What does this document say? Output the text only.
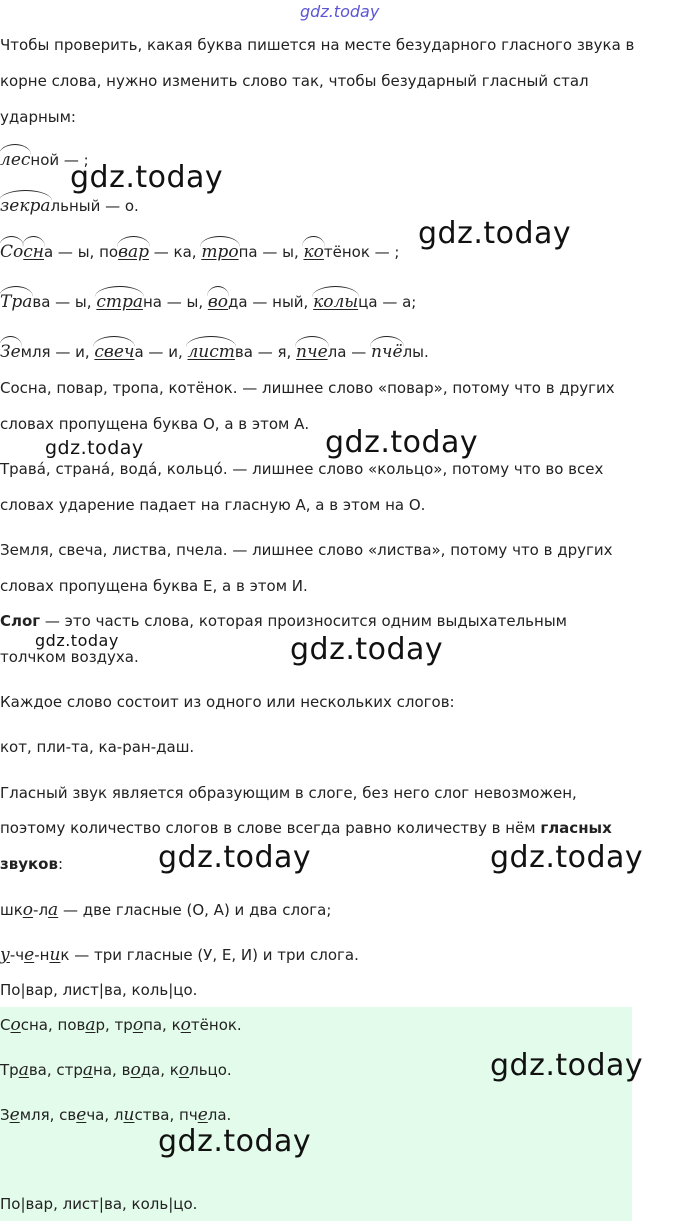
gdz.today
Чтобы проверить, какая буква пишется на месте безударного гласного звука в
корне слова, нужно изменить слово так, чтобы безударный гласный стал
ударным:
лесной — ;
зекральный — о.
Сосна — ы, повар — ка, тропа — ы, котёнок — ;
Трава — ы, страна — ы, вода — ный, колыца — а;
Земля — и, свеча — и, листва — я, пчела — пчёлы.
Сосна, повар, тропа, котёнок. — лишнее слово «повар», потому что в других
словах пропущена буква О, а в этом А.
Трава́, страна́, вода́, кольцо́. — лишнее слово «кольцо», потому что во всех
словах ударение падает на гласную А, а в этом на О.
Земля, свеча, листва, пчела. — лишнее слово «листва», потому что в других
словах пропущена буква Е, а в этом И.
Слог — это часть слова, которая произносится одним выдыхательным
толчком воздуха.
Каждое слово состоит из одного или нескольких слогов:
кот, пли-та, ка-ран-даш.
Гласный звук является образующим в слоге, без него слог невозможен,
поэтому количество слогов в слове всегда равно количеству в нём гласных
звуков:
шко-ла — две гласные (О, А) и два слога;
у-че-ник — три гласные (У, Е, И) и три слога.
По|вар, лист|ва, коль|цо.
Сосна, повар, тропа, котёнок.
Трава, страна, вода, кольцо.
Земля, свеча, листва, пчела.
По|вар, лист|ва, коль|цо.
gdz.today
gdz.today
gdz.today
gdz.today
gdz.today	gdz.today
gdz.today	gdz.today
gdz.today
gdz.today
